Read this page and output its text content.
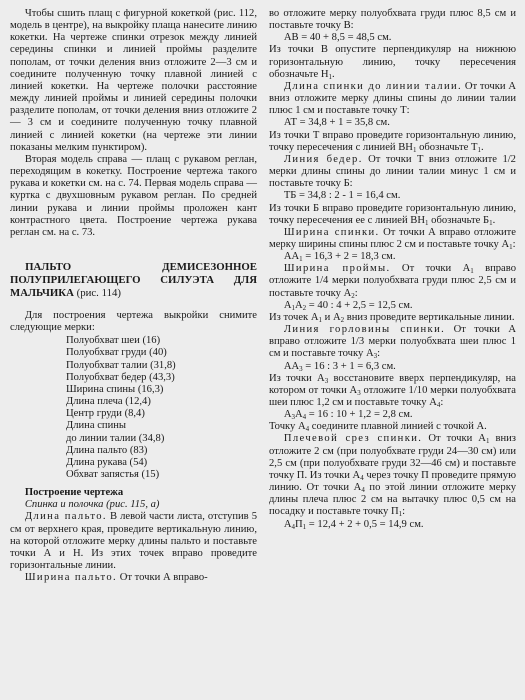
Чтобы сшить плащ с фигурной кокеткой (рис. 112, модель в центре), на выкройку плаща нанесите линию кокетки. На чертеже спинки отрезок между линией середины спинки и линией проймы разделите пополам, от точки деления вниз отложите 2—3 см и соедините полученную точку плавной линией с линией кокетки. На чертеже полочки расстояние между линией проймы и линией середины полочки разделите пополам, от точки деления вниз отложите 2 — 3 см и соедините полученную точку плавной линией с линией кокетки (на чертеже эти линии показаны мелким пунктиром).

Вторая модель справа — плащ с рукавом реглан, переходящим в кокетку. Построение чертежа такого рукава и кокетки см. на с. 74. Первая модель справа — куртка с двухшовным рукавом реглан. По средней линии рукава и линии проймы проложен кант контрастного цвета. Построение чертежа рукава реглан см. на с. 73.

ПАЛЬТО ДЕМИСЕЗОННОЕ ПОЛУПРИЛЕГАЮЩЕГО СИЛУЭТА ДЛЯ МАЛЬЧИКА (рис. 114)

Для построения чертежа выкройки снимите следующие мерки:

Полуобхват шеи (16)
Полуобхват груди (40)
Полуобхват талии (31,8)
Полуобхват бедер (43,3)
Ширина спины (16,3)
Длина плеча (12,4)
Центр груди (8,4)
Длина спины
до линии талии (34,8)
Длина пальто (83)
Длина рукава (54)
Обхват запястья (15)

Построение чертежа

Спинка и полочка (рис. 115, а)

Длина пальто. В левой части листа, отступив 5 см от верхнего края, проведите вертикальную линию, на которой отложите мерку длины пальто и поставьте точки А и Н. Из этих точек вправо проведите горизонтальные линии.

Ширина пальто. От точки А вправо-

во отложите мерку полуобхвата груди плюс 8,5 см и поставьте точку В:

АВ = 40 + 8,5 = 48,5 см.

Из точки В опустите перпендикуляр на нижнюю горизонтальную линию, точку пересечения обозначьте $Н_1$.

Длина спинки до линии талии. От точки А вниз отложите мерку длины спины до линии талии плюс 1 см и поставьте точку Т:

АТ = 34,8 + 1 = 35,8 см.

Из точки Т вправо проведите горизонтальную линию, точку пересечения с линией $ВН_1$ обозначьте $Т_1$.

Линия бедер. От точки Т вниз отложите 1/2 мерки длины спины до линии талии минус 1 см и поставьте точку Б:

ТБ = 34,8 : 2 - 1 = 16,4 см.

Из точки Б вправо проведите горизонтальную линию, точку пересечения ее с линией $ВН_1$ обозначьте $Б_1$.

Ширина спинки. От точки А вправо отложите мерку ширины спины плюс 2 см и поставьте точку $А_1$:

$АА_1 = 16,3 + 2 = 18,3$ см.

Ширина проймы. От точки $А_1$ вправо отложите 1/4 мерки полуобхвата груди плюс 2,5 см и поставьте точку $А_2$:

$А_1А_2 = 40$ : 4 + 2,5 = 12,5 см.

Из точек $А_1$ и $А_2$ вниз проведите вертикальные линии.

Линия горловины спинки. От точки А вправо отложите 1/3 мерки полуобхвата шеи плюс 1 см и поставьте точку $А_3$:

$АА_3 = 16$ : 3 + 1 = 6,3 см.

Из точки $А_3$ восстановите вверх перпендикуляр, на котором от точки $А_3$ отложите 1/10 мерки полуобхвата шеи плюс 1,2 см и поставьте точку $А_4$:

$А_3А_4 = 16$ : 10 + 1,2 = 2,8 см.

Точку $А_4$ соедините плавной линией с точкой А.

Плечевой срез спинки. От точки $А_1$ вниз отложите 2 см (при полуобхвате груди 24—30 см) или 2,5 см (при полуобхвате груди 32—46 см) и поставьте точку П. Из точки $А_4$ через точку П проведите прямую линию. От точки $А_4$ по этой линии отложите мерку длины плеча плюс 2 см на вытачку плюс 0,5 см на посадку и поставьте точку $П_1$:

$А_4П_1 = 12,4 + 2 + 0,5 = 14,9$ см.
